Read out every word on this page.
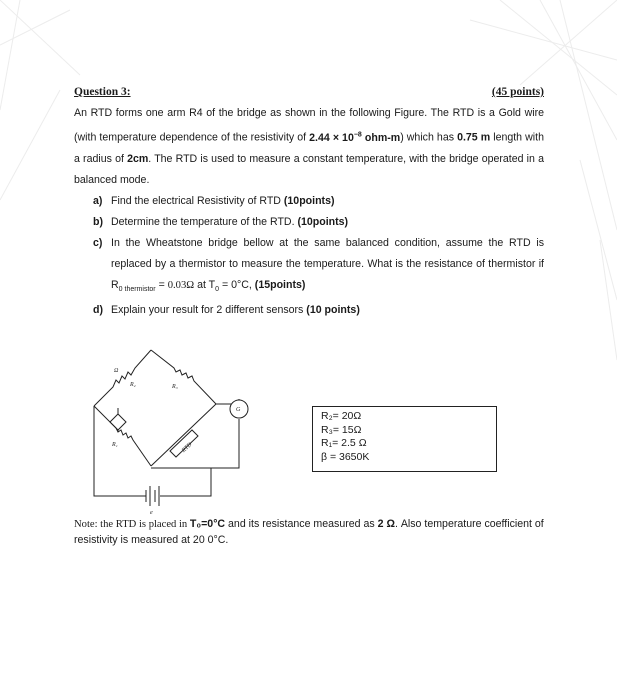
Question 3:	(45 points)
An RTD forms one arm R4 of the bridge as shown in the following Figure. The RTD is a Gold wire (with temperature dependence of the resistivity of $2.44 \times 10^{-8}$ ohm-m) which has 0.75 m length with a radius of 2cm. The RTD is used to measure a constant temperature, with the bridge operated in a balanced mode.
a) Find the electrical Resistivity of RTD (10points)
b) Determine the temperature of the RTD. (10points)
c) In the Wheatstone bridge bellow at the same balanced condition, assume the RTD is replaced by a thermistor to measure the temperature. What is the resistance of thermistor if $R_{0 thermistor} = 0.03\Omega$ at $T_0 = 0^\circ C$, (15points)
d) Explain your result for 2 different sensors (10 points)
Ω
R₂	R₃
R₁	RTD
G
e
R₂= 20Ω
R₃= 15Ω
R₁= 2.5 Ω
β = 3650K
Note: the RTD is placed in T₀=0°C and its resistance measured as 2 Ω. Also temperature coefficient of resistivity is measured at 20 0°C.
